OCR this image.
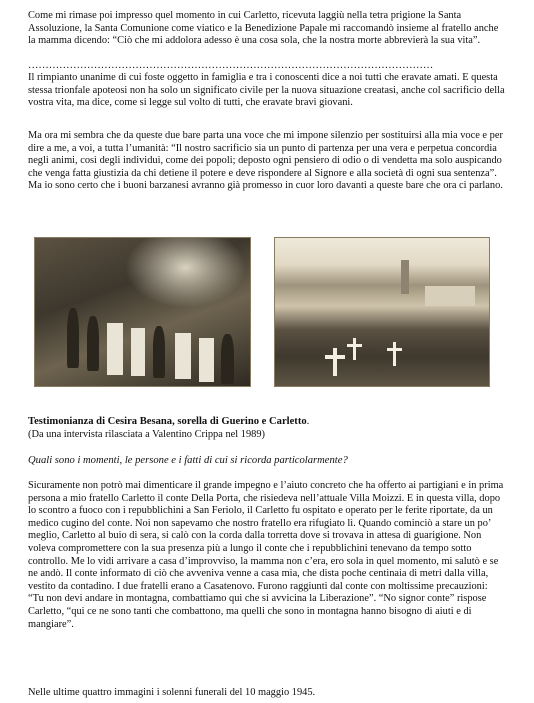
Come mi rimase poi impresso quel momento in cui Carletto, ricevuta laggiù nella tetra prigione la Santa Assoluzione, la Santa Comunione come viatico e la Benedizione Papale mi raccomandò insieme al fratello anche la mamma dicendo: “Ciò che mi addolora adesso è una cosa sola, che la nostra morte abbrevierà la sua vita”.

………………………………………………………………………………………………………

Il rimpianto unanime di cui foste oggetto in famiglia e tra i conoscenti dice a noi tutti che eravate amati. E questa stessa trionfale apoteosi non ha solo un significato civile per la nuova situazione creatasi, anche col sacrificio della vostra vita, ma dice, come si legge sul volto di tutti, che eravate bravi giovani.

Ma ora mi sembra che da queste due bare parta una voce che mi impone silenzio per sostituirsi alla mia voce e per dire a me, a voi, a tutta l’umanità: “Il nostro sacrificio sia un punto di partenza per una vera e perpetua concordia negli animi, così degli individui, come dei popoli; deposto ogni pensiero di odio o di vendetta ma solo auspicando che venga fatta giustizia da chi detiene il potere e deve rispondere al Signore e alla società di ogni sua sentenza”. Ma io sono certo che i buoni barzanesi avranno già promesso in cuor loro davanti a queste bare che ora ci parlano.

Testimonianza di Cesira Besana, sorella di Guerino e Carletto.
(Da una intervista rilasciata a Valentino Crippa nel 1989)
Quali sono i momenti, le persone e i fatti di cui si ricorda particolarmente?

Sicuramente non potrò mai dimenticare il grande impegno e l’aiuto concreto che ha offerto ai partigiani e in prima persona a mio fratello Carletto il conte Della Porta, che risiedeva nell’attuale Villa Moizzi. E in questa villa, dopo lo scontro a fuoco con i repubblichini a San Feriolo, il Carletto fu ospitato e operato per le ferite riportate, da un medico cugino del conte. Noi non sapevamo che nostro fratello era rifugiato lì. Quando cominciò a stare un po’ meglio, Carletto al buio di sera, si calò con la corda dalla torretta dove si trovava in attesa di guarigione. Non voleva compromettere con la sua presenza più a lungo il conte che i repubblichini tenevano da tempo sotto controllo. Me lo vidi arrivare a casa d’improvviso, la mamma non c’era, ero sola in quel momento, mi salutò e se ne andò. Il conte informato di ciò che avveniva venne a casa mia, che dista poche centinaia di metri dalla villa, vestito da contadino. I due fratelli erano a Casatenovo. Furono raggiunti dal conte con moltissime precauzioni: “Tu non devi andare in montagna, combattiamo qui che si avvicina la Liberazione”. “No signor conte” rispose Carletto, “qui ce ne sono tanti che combattono, ma quelli che sono in montagna hanno bisogno di aiuti e di mangiare”.

Nelle ultime quattro immagini i solenni funerali del 10 maggio 1945.
